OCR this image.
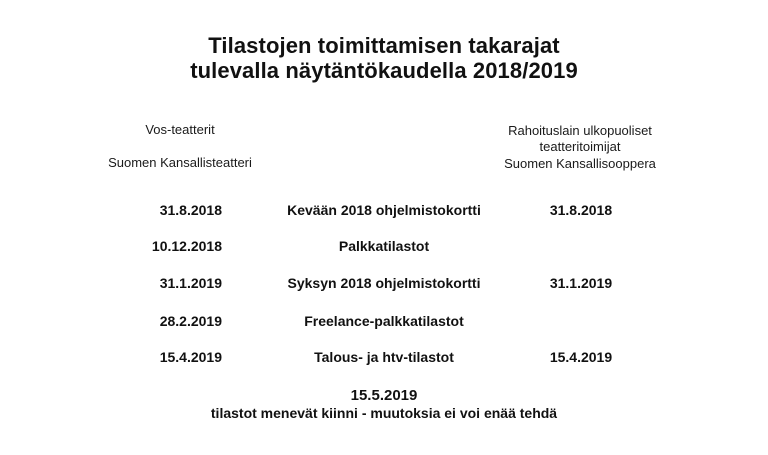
Tilastojen toimittamisen takarajat
tulevalla näytäntökaudella 2018/2019
Vos-teatterit
Suomen Kansallisteatteri
Rahoituslain ulkopuoliset
teatteritoimijat
Suomen Kansallisooppera
31.8.2018	Kevään 2018 ohjelmistokortti	31.8.2018
10.12.2018	Palkkatilastot
31.1.2019	Syksyn 2018 ohjelmistokortti	31.1.2019
28.2.2019	Freelance-palkkatilastot
15.4.2019	Talous- ja htv-tilastot	15.4.2019
15.5.2019
tilastot menevät kiinni - muutoksia ei voi enää tehdä
